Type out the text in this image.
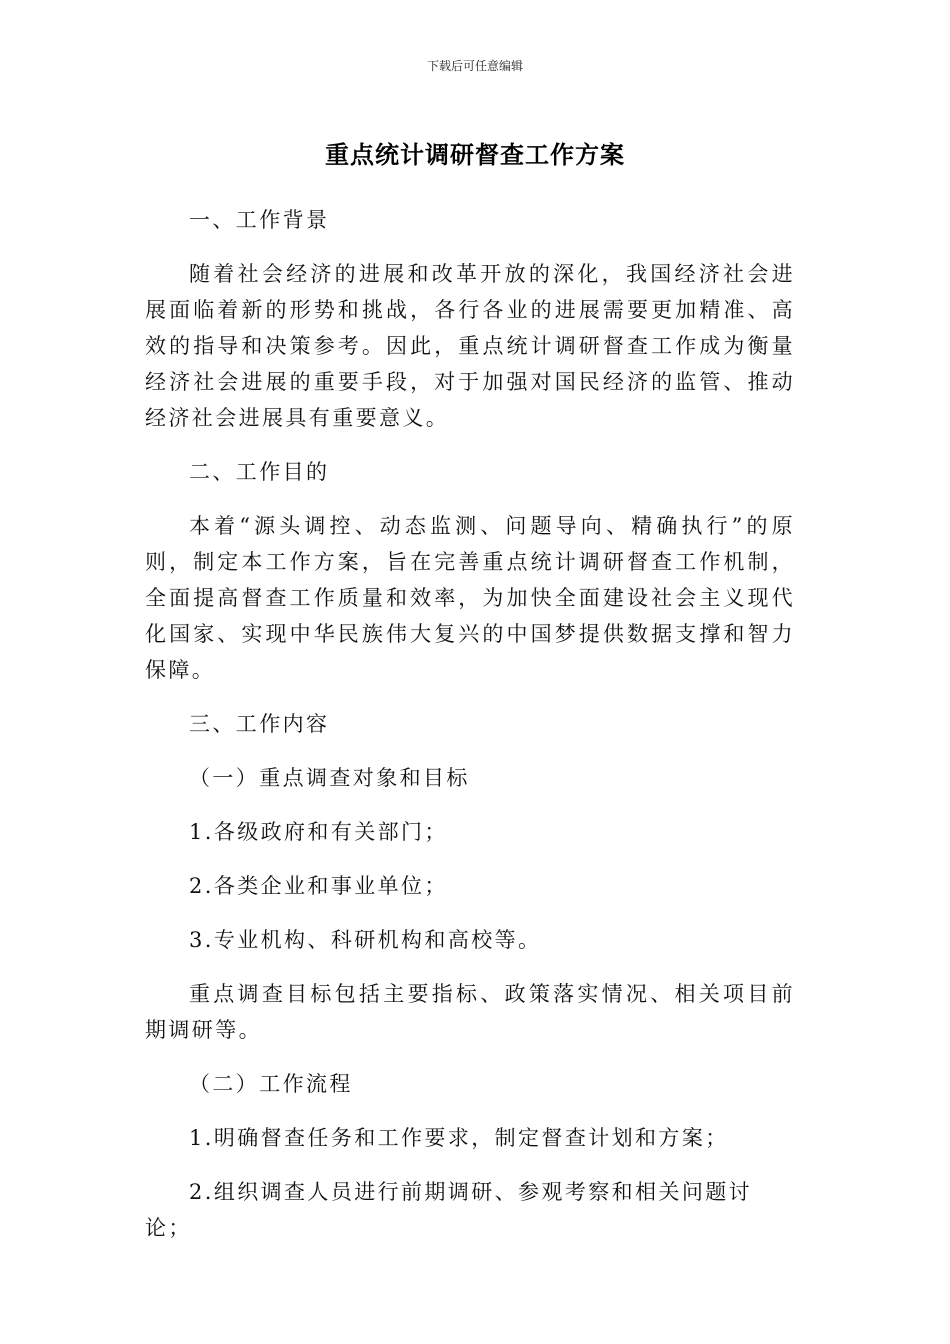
下载后可任意编辑
重点统计调研督查工作方案

一、工作背景

随着社会经济的进展和改革开放的深化，我国经济社会进展面临着新的形势和挑战，各行各业的进展需要更加精准、高效的指导和决策参考。因此，重点统计调研督查工作成为衡量经济社会进展的重要手段，对于加强对国民经济的监管、推动经济社会进展具有重要意义。

二、工作目的

本着“源头调控、动态监测、问题导向、精确执行”的原则，制定本工作方案，旨在完善重点统计调研督查工作机制，全面提高督查工作质量和效率，为加快全面建设社会主义现代化国家、实现中华民族伟大复兴的中国梦提供数据支撑和智力保障。

三、工作内容

（一）重点调查对象和目标

1.各级政府和有关部门；

2.各类企业和事业单位；

3.专业机构、科研机构和高校等。

重点调查目标包括主要指标、政策落实情况、相关项目前期调研等。

（二）工作流程

1.明确督查任务和工作要求，制定督查计划和方案；

2.组织调查人员进行前期调研、参观考察和相关问题讨论；
